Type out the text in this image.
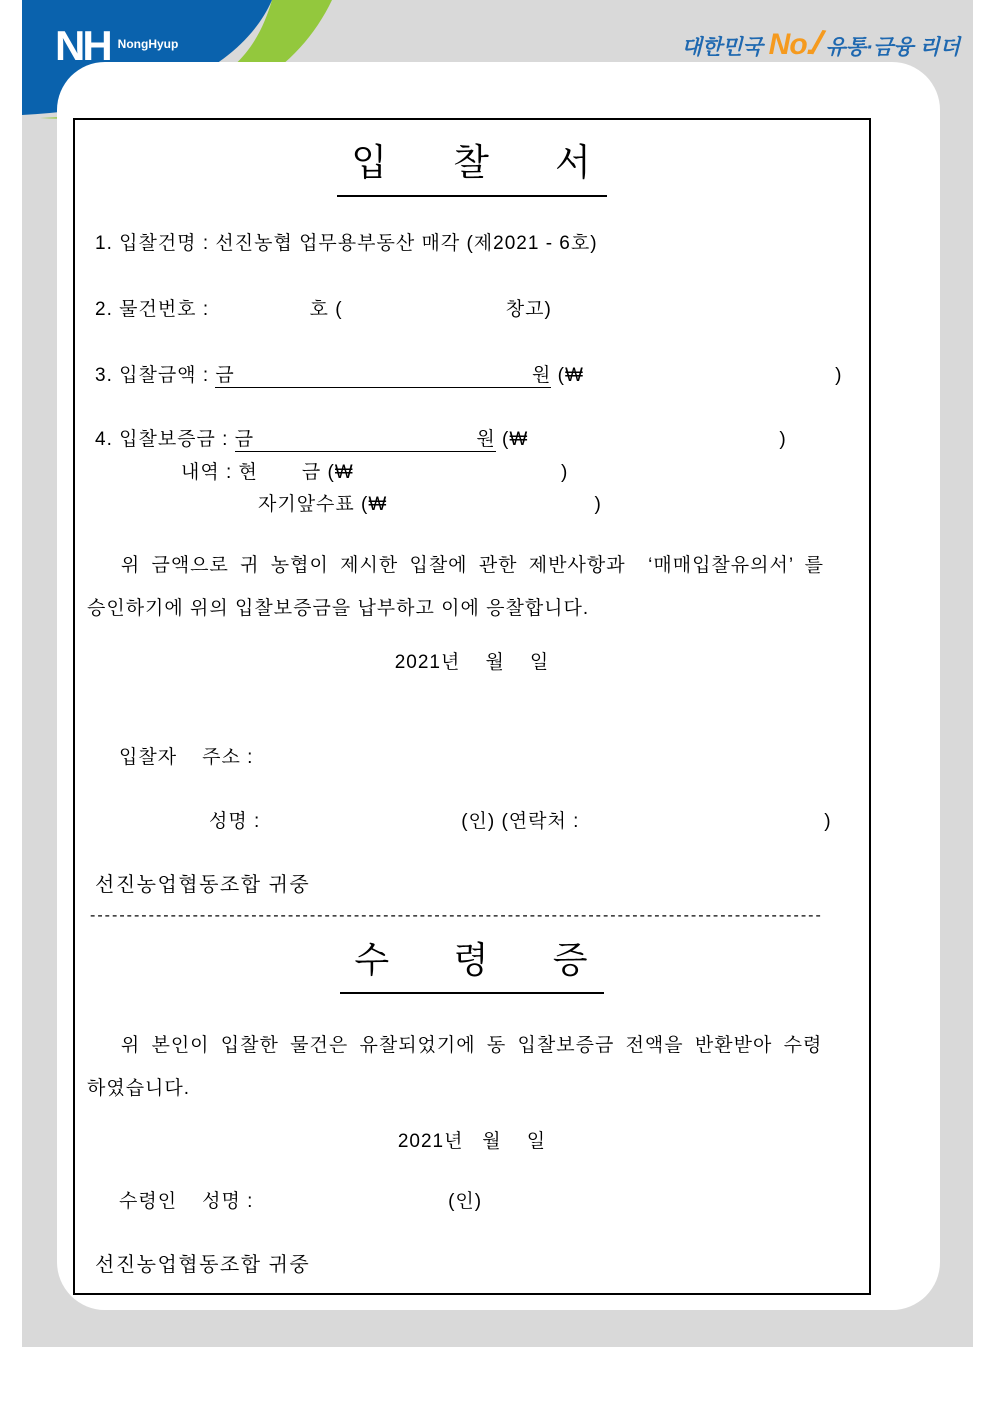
NH $^{NongHyup}$	대한민국 No./유통·금융 리더
입 찰 서
1. 입찰건명 : 선진농협 업무용부동산 매각 (제2021 - 6호)
2. 물건번호 :                호 (                          창고)
3. 입찰금액 : 금	원 (₩                                        )
4. 입찰보증금 : 금	원 (₩                                        )
내역 : 현       금 (₩                                 )
자기앞수표 (₩                                 )
위 금액으로 귀 농협이 제시한 입찰에 관한 제반사항과  ‘매매입찰유의서’ 를
승인하기에 위의 입찰보증금을 납부하고 이에 응찰합니다.
2021년    월    일
입찰자    주소 :
성명 :                                (인) (연락처 :                                       )
선진농업협동조합 귀중
----------------------------------------------------------------------------------------------------
수 령 증
위 본인이 입찰한 물건은 유찰되었기에 동 입찰보증금 전액을 반환받아 수령
하였습니다.
2021년   월    일
수령인    성명 :                               (인)
선진농업협동조합 귀중
